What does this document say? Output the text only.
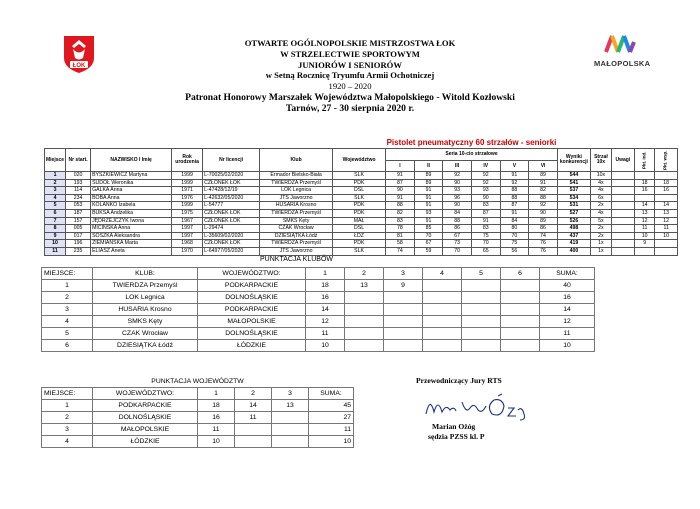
ŁOK	MAŁOPOLSKA
OTWARTE OGÓLNOPOLSKIE MISTRZOSTWA ŁOK
W STRZELECTWIE SPORTOWYM
JUNIORÓW I SENIORÓW
w Setną Rocznicę Tryumfu Armii Ochotniczej
1920 – 2020
Patronat Honorowy Marszałek Województwa Małopolskiego - Witold Kozłowski
Tarnów, 27 - 30 sierpnia 2020 r.
							Pistolet pneumatyczny 60 strzałów - seniorki										
Miejsce	Nr start.	NAZWISKO I Imię	Rok urodzenia	Nr licencji	Klub	Województwo	Seria 10-cio strzałowe						Wyniki konkurencji	Strzał 10x	Uwagi	Pkt. ind.	Pkt. wsp.

							I	II	III	IV	V	VI					
1	020	BYSZKIEWICZ Martyna	1999	L-70025/02/2020	Ermador Bielsko-Biała	SLK	91	89	92	92	91	89	544	10x			
2	193	SUDOŁ Weronika	1999	CZŁONEK ŁOK	TWIERDZA Przemyśl	PDK	87	89	90	92	92	91	541	4x		18	18
3	114	GALKA Anna	1971	L-47428/12/19	LOK Legnica	DŚL	90	91	93	93	88	82	537	4x		16	16
4	234	BOBA Anna	1976	L-42632/05/2020	JTS Jaworzno	SLK	91	91	96	90	88	88	534	6x			
5	053	KOLANKO Izabela	1999	L-54777	HUSARIA Krosno	PDK	88	91	90	83	87	92	531	2x		14	14
6	187	BUKSA Andżelika	1975	CZŁONEK ŁOK	TWIERDZA Przemyśl	PDK	82	93	84	87	91	90	527	4x		13	13
7	157	JĘDRZEJCZYK Iwona	1967	CZŁONEK ŁOK	SMKS Kęty	MAŁ	83	91	88	91	84	89	526	5x		12	12
8	005	MICIŃSKA Anna	1997	L-29474	CZAK Wrocław	DŚL	78	85	86	83	80	86	498	2x		11	11
9	017	SOSZKA Aleksandra	1997	L-35609/02/2020	DZIESIĄTKA Łódź	ŁDZ	81	70	67	75	70	74	437	2x		10	10
10	196	ZIEMIAŃSKA Marta	1968	CZŁONEK ŁOK	TWIERDZA Przemyśl	PDK	58	67	73	70	75	76	419	1x		9	
11	235	ELIASZ Aneta	1970	L-64977/05/2020	JTS Jaworzno	SLK	74	59	70	65	56	76	400	1x			
PUNKTACJA KLUBÓW
MIEJSCE:	KLUB:	WOJEWÓDZTWO:	1	2	3	4	5	6	SUMA:
1	TWIERDZA Przemyśl	PODKARPACKIE	18	13	9				40
2	LOK Legnica	DOLNOŚLĄSKIE	16						16
3	HUSARIA Krosno	PODKARPACKIE	14						14
4	SMKS Kęty	MAŁOPOLSKIE	12						12
5	CZAK Wrocław	DOLNOŚLĄSKIE	11						11
6	DZIESIĄTKA Łódź	ŁÓDZKIE	10						10
PUNKTACJA WOJEWÓDZTW					
MIEJSCE:	WOJEWÓDZTWO:	1	2	3	SUMA:
1	PODKARPACKIE	18	14	13	45
2	DOLNOŚLĄSKIE	16	11		27
3	MAŁOPOLSKIE	11			11
4	ŁÓDZKIE	10			10
Przewodniczący Jury RTS
Marian Ożóg
sędzia PZSS kl. P
